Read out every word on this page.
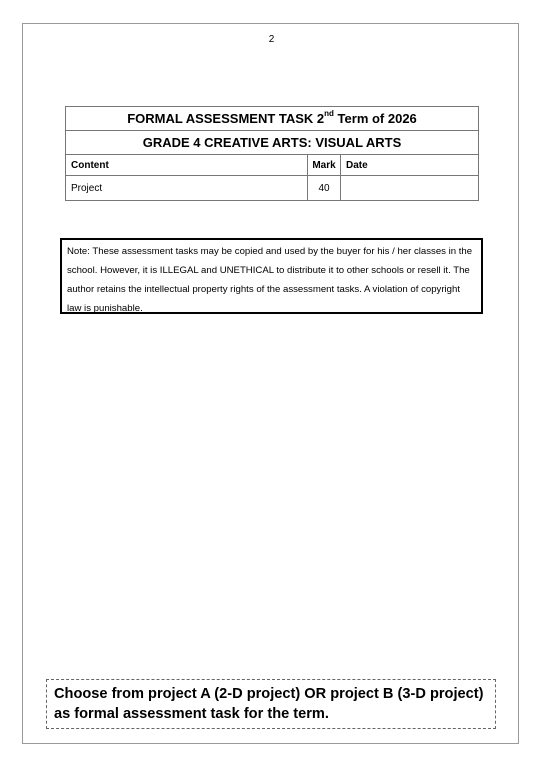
2
FORMAL ASSESSMENT TASK 2nd Term of 2026		
GRADE 4 CREATIVE ARTS: VISUAL ARTS		
Content	Mark	Date
Project	40	
Note: These assessment tasks may be copied and used by the buyer for his / her classes in the school. However, it is ILLEGAL and UNETHICAL to distribute it to other schools or resell it. The author retains the intellectual property rights of the assessment tasks. A violation of copyright law is punishable.
Choose from project A (2-D project) OR project B (3-D project) as formal assessment task for the term.
